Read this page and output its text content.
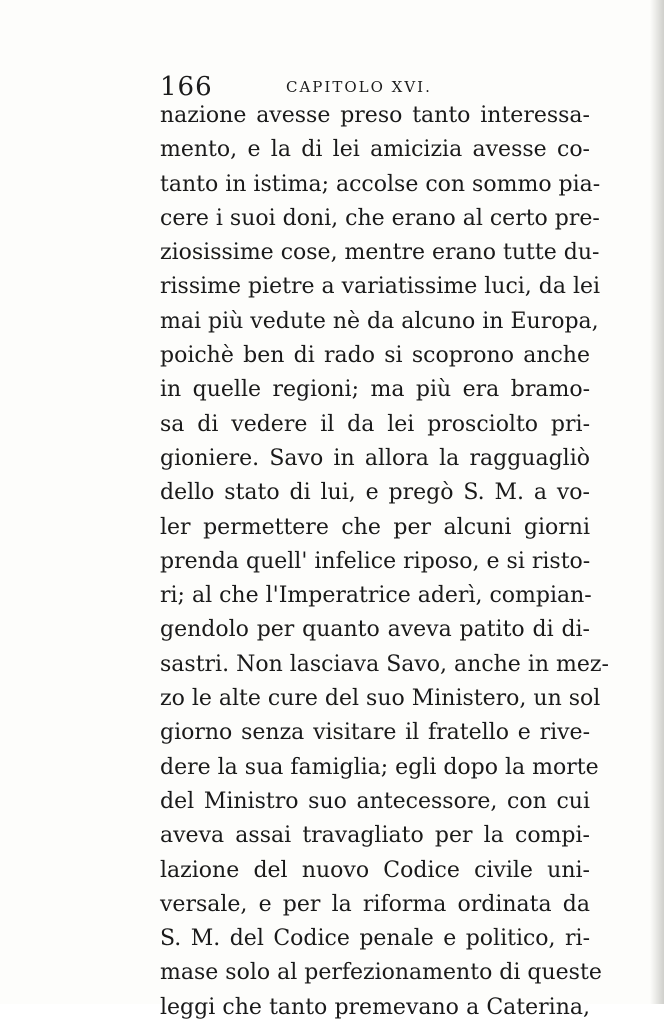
166	CAPITOLO XVI.
nazione avesse preso tanto interessa-
mento, e la di lei amicizia avesse co-
tanto in istima; accolse con sommo pia-
cere i suoi doni, che erano al certo pre-
ziosissime cose, mentre erano tutte du-
rissime pietre a variatissime luci, da lei
mai più vedute nè da alcuno in Europa,
poichè ben di rado si scoprono anche
in quelle regioni; ma più era bramo-
sa di vedere il da lei prosciolto pri-
gioniere. Savo in allora la ragguagliò
dello stato di lui, e pregò S. M. a vo-
ler permettere che per alcuni giorni
prenda quell' infelice riposo, e si risto-
ri; al che l'Imperatrice aderì, compian-
gendolo per quanto aveva patito di di-
sastri. Non lasciava Savo, anche in mez-
zo le alte cure del suo Ministero, un sol
giorno senza visitare il fratello e rive-
dere la sua famiglia; egli dopo la morte
del Ministro suo antecessore, con cui
aveva assai travagliato per la compi-
lazione del nuovo Codice civile uni-
versale, e per la riforma ordinata da
S. M. del Codice penale e politico, ri-
mase solo al perfezionamento di queste
leggi che tanto premevano a Caterina,
